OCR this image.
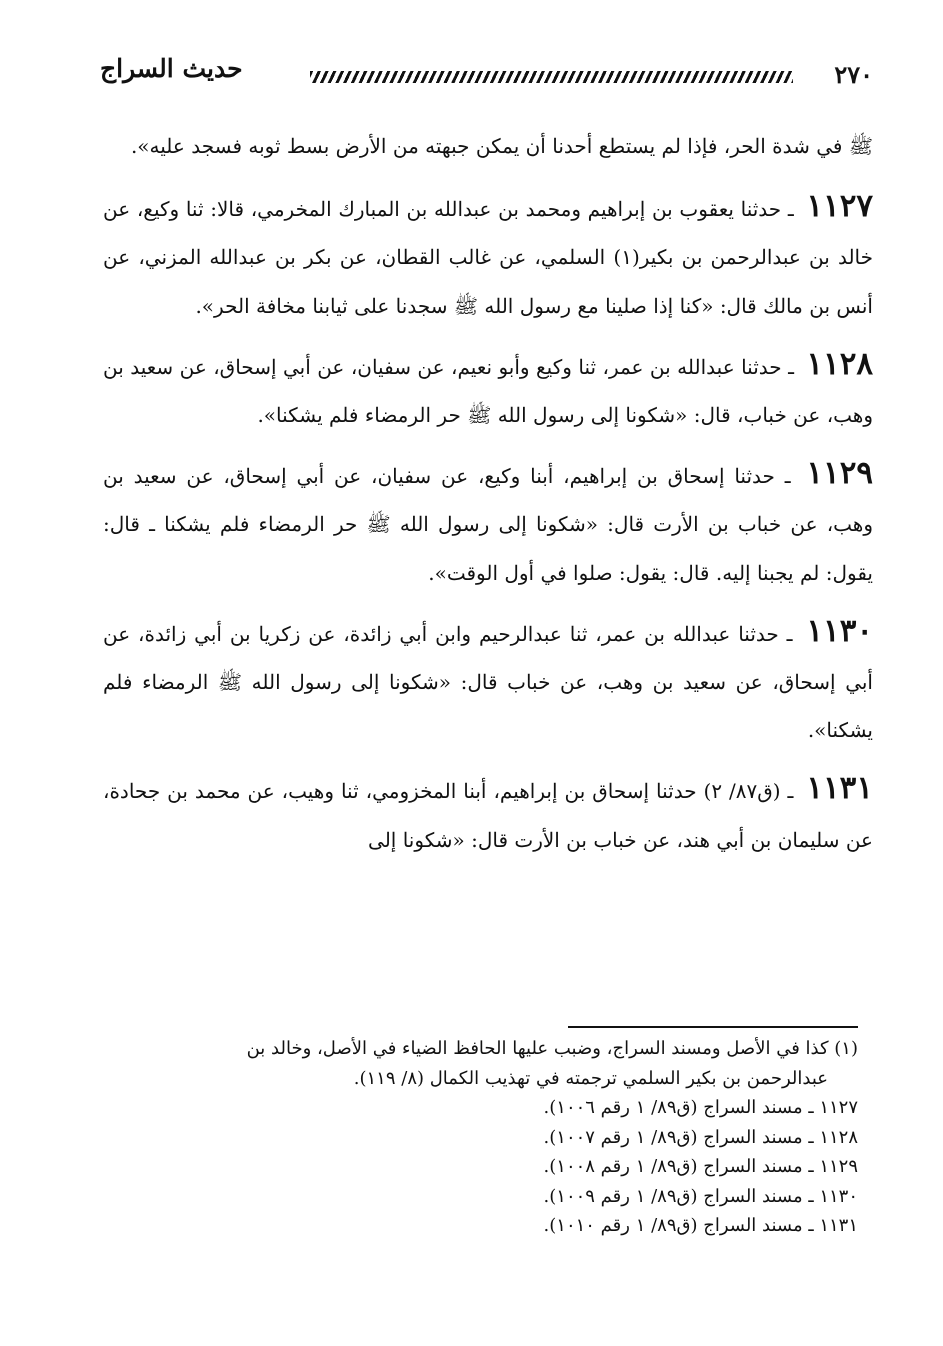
٢٧٠
حديث السراج

ﷺ في شدة الحر، فإذا لم يستطع أحدنا أن يمكن جبهته من الأرض بسط ثوبه فسجد عليه».

١١٢٧ ـ حدثنا يعقوب بن إبراهيم ومحمد بن عبدالله بن المبارك المخرمي، قالا: ثنا وكيع، عن خالد بن عبدالرحمن بن بكير(١) السلمي، عن غالب القطان، عن بكر بن عبدالله المزني، عن أنس بن مالك قال: «كنا إذا صلينا مع رسول الله ﷺ سجدنا على ثيابنا مخافة الحر».

١١٢٨ ـ حدثنا عبدالله بن عمر، ثنا وكيع وأبو نعيم، عن سفيان، عن أبي إسحاق، عن سعيد بن وهب، عن خباب، قال: «شكونا إلى رسول الله ﷺ حر الرمضاء فلم يشكنا».

١١٢٩ ـ حدثنا إسحاق بن إبراهيم، أبنا وكيع، عن سفيان، عن أبي إسحاق، عن سعيد بن وهب، عن خباب بن الأرت قال: «شكونا إلى رسول الله ﷺ حر الرمضاء فلم يشكنا ـ قال: يقول: لم يجبنا إليه. قال: يقول: صلوا في أول الوقت».

١١٣٠ ـ حدثنا عبدالله بن عمر، ثنا عبدالرحيم وابن أبي زائدة، عن زكريا بن أبي زائدة، عن أبي إسحاق، عن سعيد بن وهب، عن خباب قال: «شكونا إلى رسول الله ﷺ الرمضاء فلم يشكنا».

١١٣١ ـ (ق٨٧/ ٢) حدثنا إسحاق بن إبراهيم، أبنا المخزومي، ثنا وهيب، عن محمد بن جحادة، عن سليمان بن أبي هند، عن خباب بن الأرت قال: «شكونا إلى

(١) كذا في الأصل ومسند السراج، وضبب عليها الحافظ الضياء في الأصل، وخالد بن
عبدالرحمن بن بكير السلمي ترجمته في تهذيب الكمال (٨/ ١١٩).

١١٢٧ ـ مسند السراج (ق٨٩/ ١ رقم ١٠٠٦).

١١٢٨ ـ مسند السراج (ق٨٩/ ١ رقم ١٠٠٧).

١١٢٩ ـ مسند السراج (ق٨٩/ ١ رقم ١٠٠٨).

١١٣٠ ـ مسند السراج (ق٨٩/ ١ رقم ١٠٠٩).

١١٣١ ـ مسند السراج (ق٨٩/ ١ رقم ١٠١٠).
